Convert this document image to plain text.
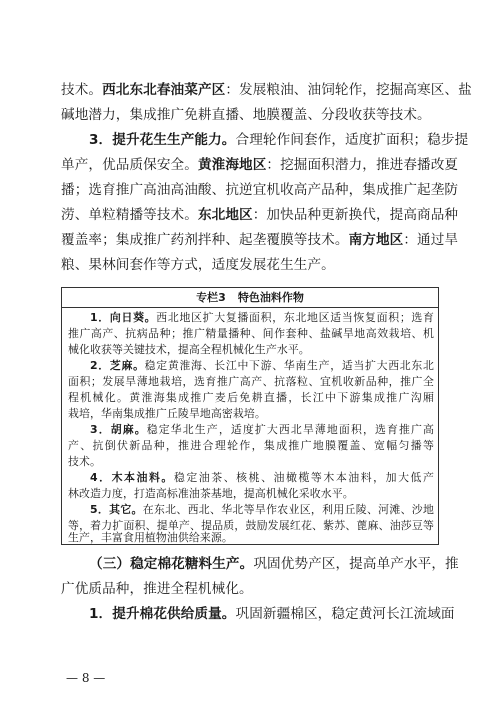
技术。西北东北春油菜产区：发展粮油、油饲轮作，挖掘高寒区、盐
碱地潜力，集成推广免耕直播、地膜覆盖、分段收获等技术。
3．提升花生生产能力。合理轮作间套作，适度扩面积；稳步提
单产，优品质保安全。黄淮海地区：挖掘面积潜力，推进春播改夏
播；选育推广高油高油酸、抗逆宜机收高产品种，集成推广起垄防
涝、单粒精播等技术。东北地区：加快品种更新换代，提高商品种
覆盖率；集成推广药剂拌种、起垄覆膜等技术。南方地区：通过旱
粮、果林间套作等方式，适度发展花生生产。
专栏3 特色油料作物
1．向日葵。西北地区扩大复播面积，东北地区适当恢复面积；选育
推广高产、抗病品种；推广精量播种、间作套种、盐碱旱地高效栽培、机
械化收获等关键技术，提高全程机械化生产水平。
2．芝麻。稳定黄淮海、长江中下游、华南生产，适当扩大西北东北
面积；发展旱薄地栽培，选育推广高产、抗落粒、宜机收新品种，推广全
程机械化。黄淮海集成推广麦后免耕直播，长江中下游集成推广沟厢
栽培，华南集成推广丘陵旱地高密栽培。
3．胡麻。稳定华北生产，适度扩大西北旱薄地面积，选育推广高
产、抗倒伏新品种，推进合理轮作，集成推广地膜覆盖、宽幅匀播等
技术。
4．木本油料。稳定油茶、核桃、油橄榄等木本油料，加大低产
林改造力度，打造高标准油茶基地，提高机械化采收水平。
5．其它。在东北、西北、华北等旱作农业区，利用丘陵、河滩、沙地
等，着力扩面积、提单产、提品质，鼓励发展红花、紫苏、蓖麻、油莎豆等
生产，丰富食用植物油供给来源。
（三）稳定棉花糖料生产。巩固优势产区，提高单产水平，推
广优质品种，推进全程机械化。
1．提升棉花供给质量。巩固新疆棉区，稳定黄河长江流域面
— 8 —
